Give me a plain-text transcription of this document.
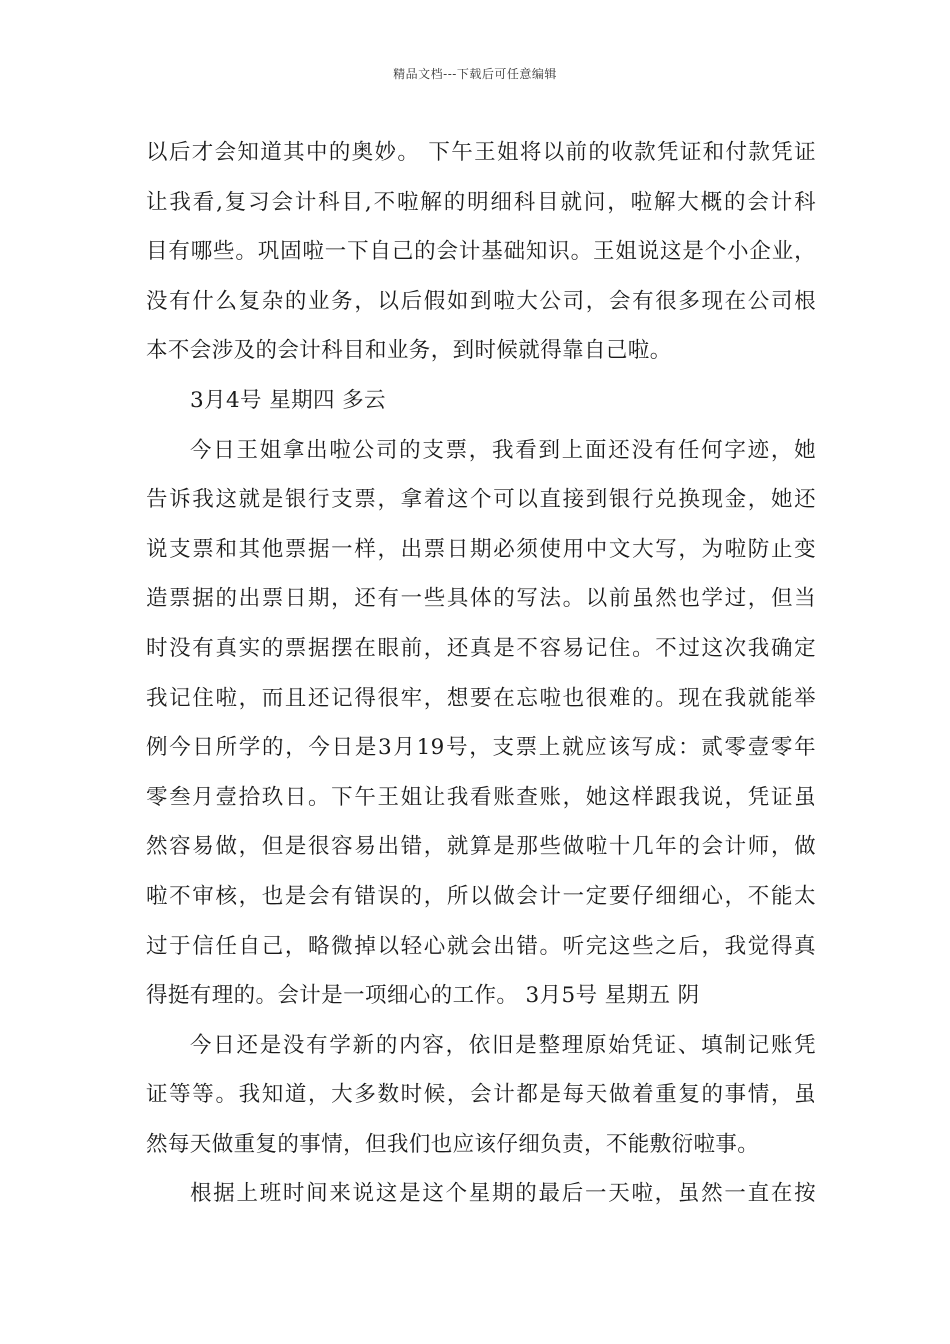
精品文档---下载后可任意编辑
以后才会知道其中的奥妙。 下午王姐将以前的收款凭证和付款凭证
让我看,复习会计科目,不啦解的明细科目就问，啦解大概的会计科
目有哪些。巩固啦一下自己的会计基础知识。王姐说这是个小企业，
没有什么复杂的业务，以后假如到啦大公司，会有很多现在公司根
本不会涉及的会计科目和业务，到时候就得靠自己啦。
3月4号 星期四 多云
今日王姐拿出啦公司的支票，我看到上面还没有任何字迹，她
告诉我这就是银行支票，拿着这个可以直接到银行兑换现金，她还
说支票和其他票据一样，出票日期必须使用中文大写，为啦防止变
造票据的出票日期，还有一些具体的写法。以前虽然也学过，但当
时没有真实的票据摆在眼前，还真是不容易记住。不过这次我确定
我记住啦，而且还记得很牢，想要在忘啦也很难的。现在我就能举
例今日所学的，今日是3月19号，支票上就应该写成：贰零壹零年
零叁月壹拾玖日。下午王姐让我看账查账，她这样跟我说，凭证虽
然容易做，但是很容易出错，就算是那些做啦十几年的会计师，做
啦不审核，也是会有错误的，所以做会计一定要仔细细心，不能太
过于信任自己，略微掉以轻心就会出错。听完这些之后，我觉得真
得挺有理的。会计是一项细心的工作。 3月5号 星期五 阴
今日还是没有学新的内容，依旧是整理原始凭证、填制记账凭
证等等。我知道，大多数时候，会计都是每天做着重复的事情，虽
然每天做重复的事情，但我们也应该仔细负责，不能敷衍啦事。
根据上班时间来说这是这个星期的最后一天啦，虽然一直在按
